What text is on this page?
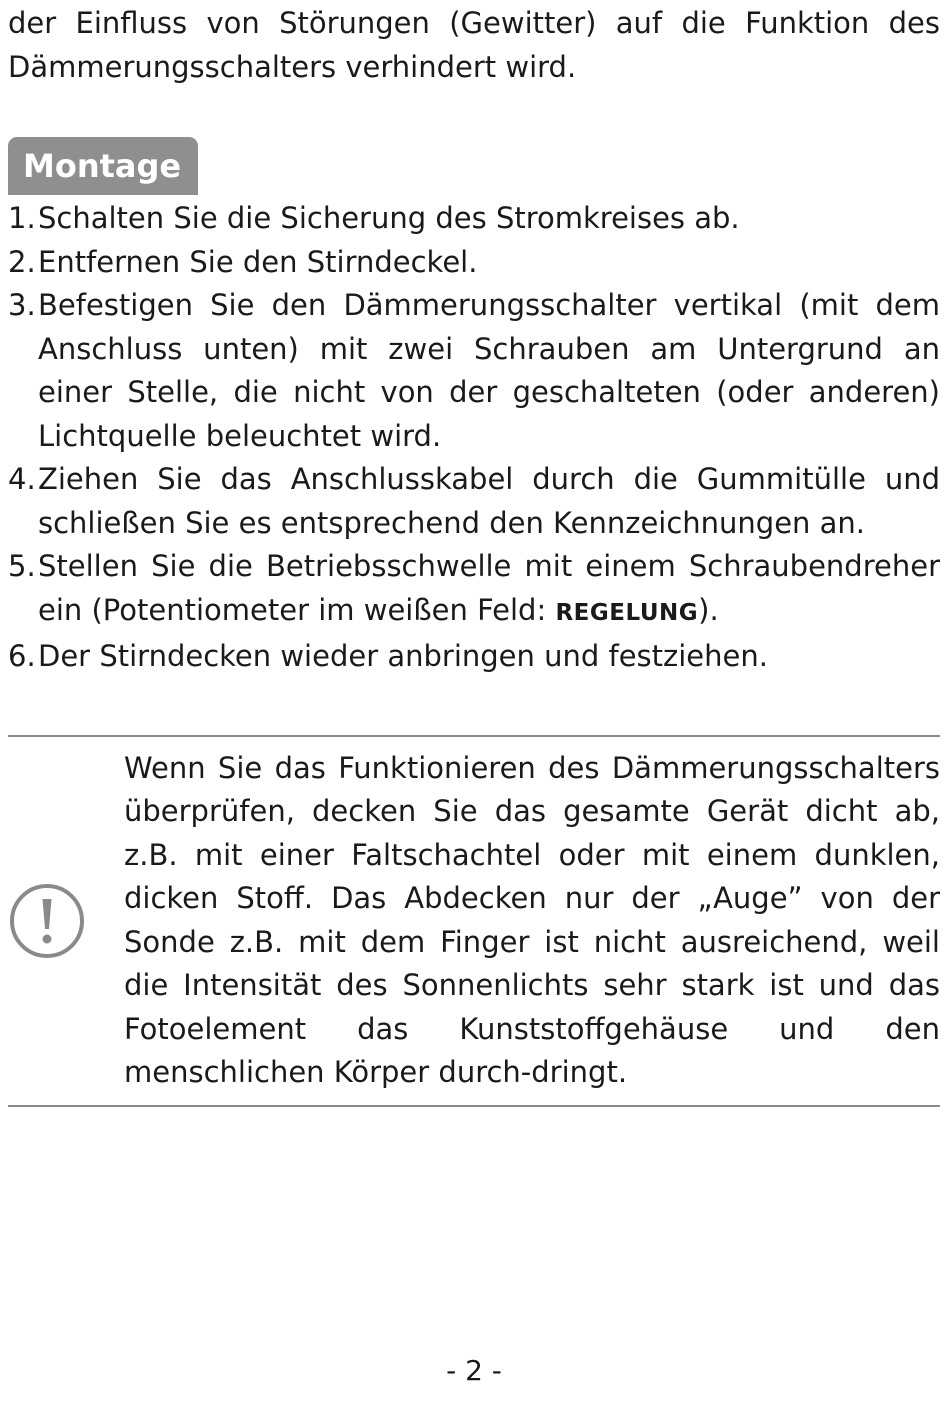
der Einfluss von Störungen (Gewitter) auf die Funktion des Dämmerungsschalters verhindert wird.

Montage
1. Schalten Sie die Sicherung des Stromkreises ab.
2. Entfernen Sie den Stirndeckel.
3. Befestigen Sie den Dämmerungsschalter vertikal (mit dem Anschluss unten) mit zwei Schrauben am Untergrund an einer Stelle, die nicht von der geschalteten (oder anderen) Lichtquelle beleuchtet wird.
4. Ziehen Sie das Anschlusskabel durch die Gummitülle und schließen Sie es entsprechend den Kennzeichnungen an.
5. Stellen Sie die Betriebsschwelle mit einem Schraubendreher ein (Potentiometer im weißen Feld: REGELUNG).
6. Der Stirndecken wieder anbringen und festziehen.

Wenn Sie das Funktionieren des Dämmerungsschalters überprüfen, decken Sie das gesamte Gerät dicht ab, z.B. mit einer Faltschachtel oder mit einem dunklen, dicken Stoff. Das Abdecken nur der „Auge” von der Sonde z.B. mit dem Finger ist nicht ausreichend, weil die Intensität des Sonnenlichts sehr stark ist und das Fotoelement das Kunststoffgehäuse und den menschlichen Körper durch-dringt.

- 2 -
